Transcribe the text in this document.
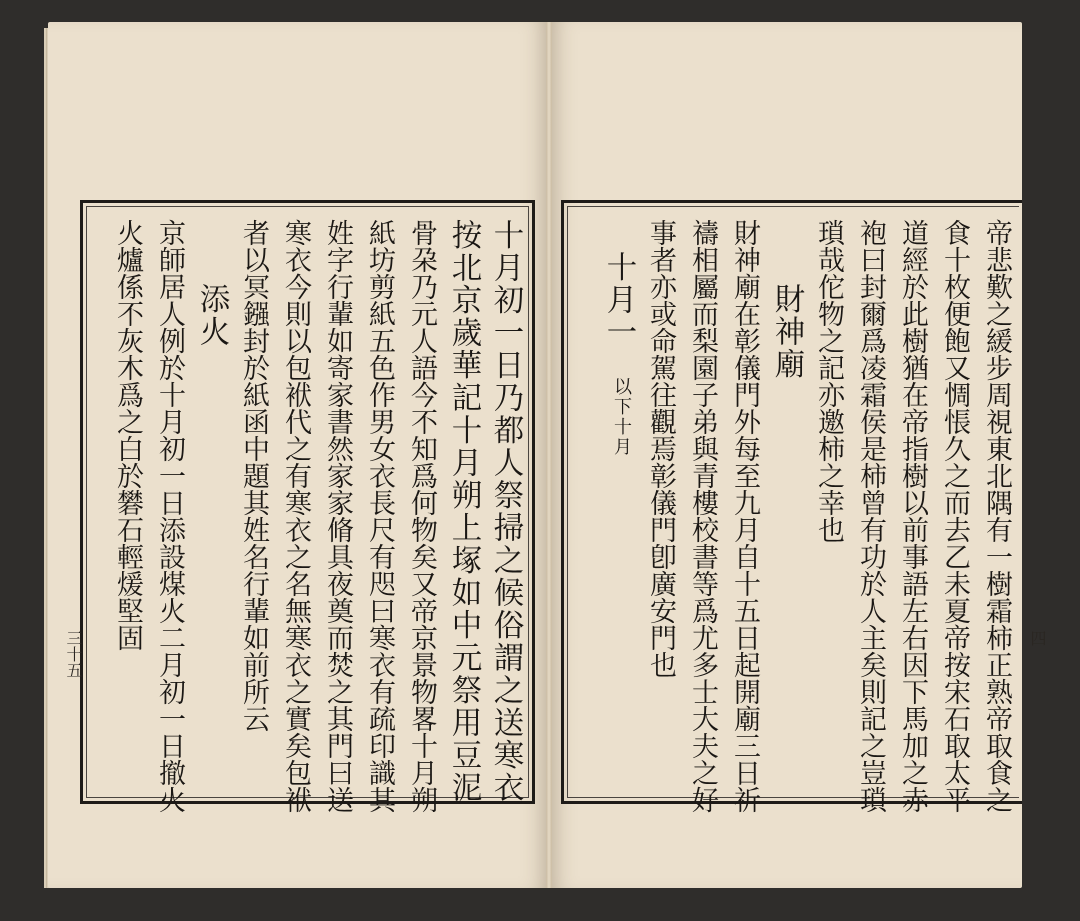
十月初一日乃都人祭掃之候俗謂之送寒衣
按北京歲華記十月朔上塚如中元祭用豆泥
骨朶乃元人語今不知爲何物矣又帝京景物畧十月朔
紙坊剪紙五色作男女衣長尺有咫曰寒衣有疏印識其
姓字行輩如寄家書然家家脩具夜奠而焚之其門曰送
寒衣今則以包袱代之有寒衣之名無寒衣之實矣包袱
者以冥鏹封於紙函中題其姓名行輩如前所云
添火
京師居人例於十月初一日添設煤火二月初一日撤火
火爐係不灰木爲之白於礬石輕煖堅固
三十五	帝悲歎之緩步周視東北隅有一樹霜柿正熟帝取食之
食十枚便飽又惆悵久之而去乙未夏帝按宋石取太平
道經於此樹猶在帝指樹以前事語左右因下馬加之赤
袍曰封爾爲凌霜侯是柿曾有功於人主矣則記之豈瑣
瑣哉佗物之記亦邀柿之幸也
財神廟
財神廟在彰儀門外每至九月自十五日起開廟三日祈
禱相屬而梨園子弟與青樓校書等爲尤多士大夫之好
事者亦或命駕往觀焉彰儀門卽廣安門也
十月一
以下十月
四
